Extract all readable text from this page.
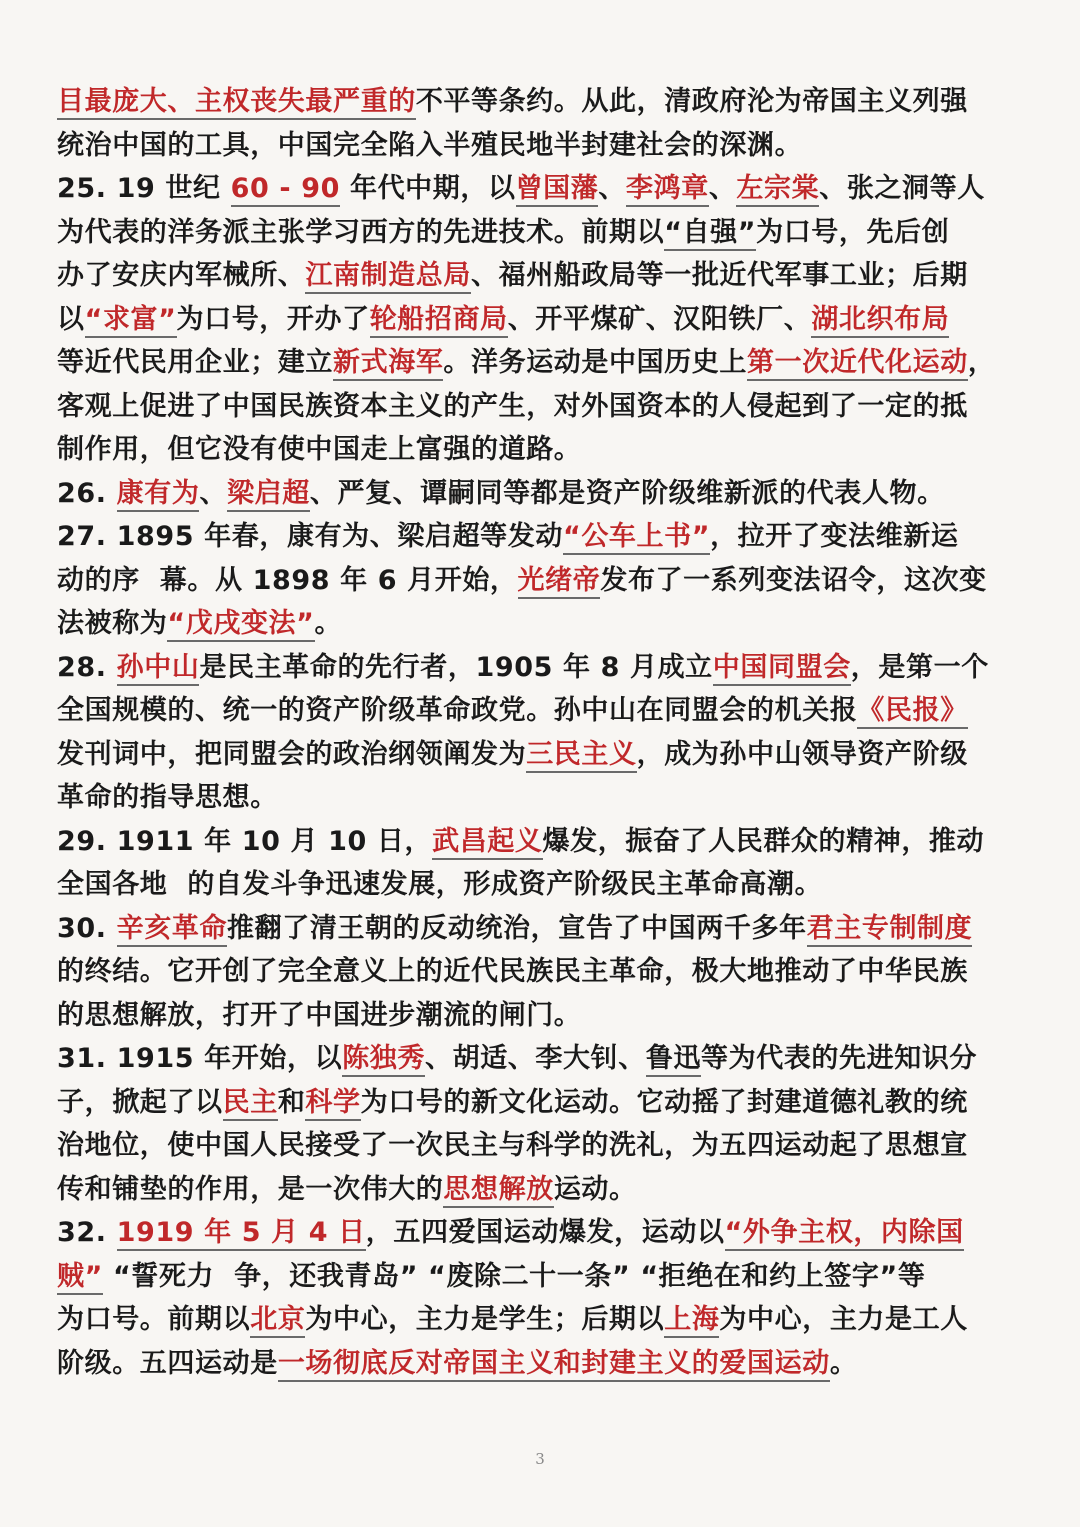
目最庞大、主权丧失最严重的不平等条约。从此，清政府沦为帝国主义列强
统治中国的工具，中国完全陷入半殖民地半封建社会的深渊。
25. 19 世纪 60 - 90 年代中期，以曾国藩、李鸿章、左宗棠、张之洞等人
为代表的洋务派主张学习西方的先进技术。前期以“自强”为口号，先后创
办了安庆内军械所、江南制造总局、福州船政局等一批近代军事工业；后期
以“求富”为口号，开办了轮船招商局、开平煤矿、汉阳铁厂、湖北织布局
等近代民用企业；建立新式海军。洋务运动是中国历史上第一次近代化运动，
客观上促进了中国民族资本主义的产生，对外国资本的人侵起到了一定的抵
制作用，但它没有使中国走上富强的道路。
26. 康有为、梁启超、严复、谭嗣同等都是资产阶级维新派的代表人物。
27. 1895 年春，康有为、梁启超等发动“公车上书”，拉开了变法维新运
动的序  幕。从 1898 年 6 月开始，光绪帝发布了一系列变法诏令，这次变
法被称为“戊戌变法”。
28. 孙中山是民主革命的先行者，1905 年 8 月成立中国同盟会，是第一个
全国规模的、统一的资产阶级革命政党。孙中山在同盟会的机关报《民报》
发刊词中，把同盟会的政治纲领阐发为三民主义，成为孙中山领导资产阶级
革命的指导思想。
29. 1911 年 10 月 10 日，武昌起义爆发，振奋了人民群众的精神，推动
全国各地  的自发斗争迅速发展，形成资产阶级民主革命高潮。
30. 辛亥革命推翻了清王朝的反动统治，宣告了中国两千多年君主专制制度
的终结。它开创了完全意义上的近代民族民主革命，极大地推动了中华民族
的思想解放，打开了中国进步潮流的闸门。
31. 1915 年开始，以陈独秀、胡适、李大钊、鲁迅等为代表的先进知识分
子，掀起了以民主和科学为口号的新文化运动。它动摇了封建道德礼教的统
治地位，使中国人民接受了一次民主与科学的洗礼，为五四运动起了思想宣
传和铺垫的作用，是一次伟大的思想解放运动。
32. 1919 年 5 月 4 日，五四爱国运动爆发，运动以“外争主权，内除国
贼” “誓死力  争，还我青岛” “废除二十一条” “拒绝在和约上签字”等
为口号。前期以北京为中心，主力是学生；后期以上海为中心，主力是工人
阶级。五四运动是一场彻底反对帝国主义和封建主义的爱国运动。
3
